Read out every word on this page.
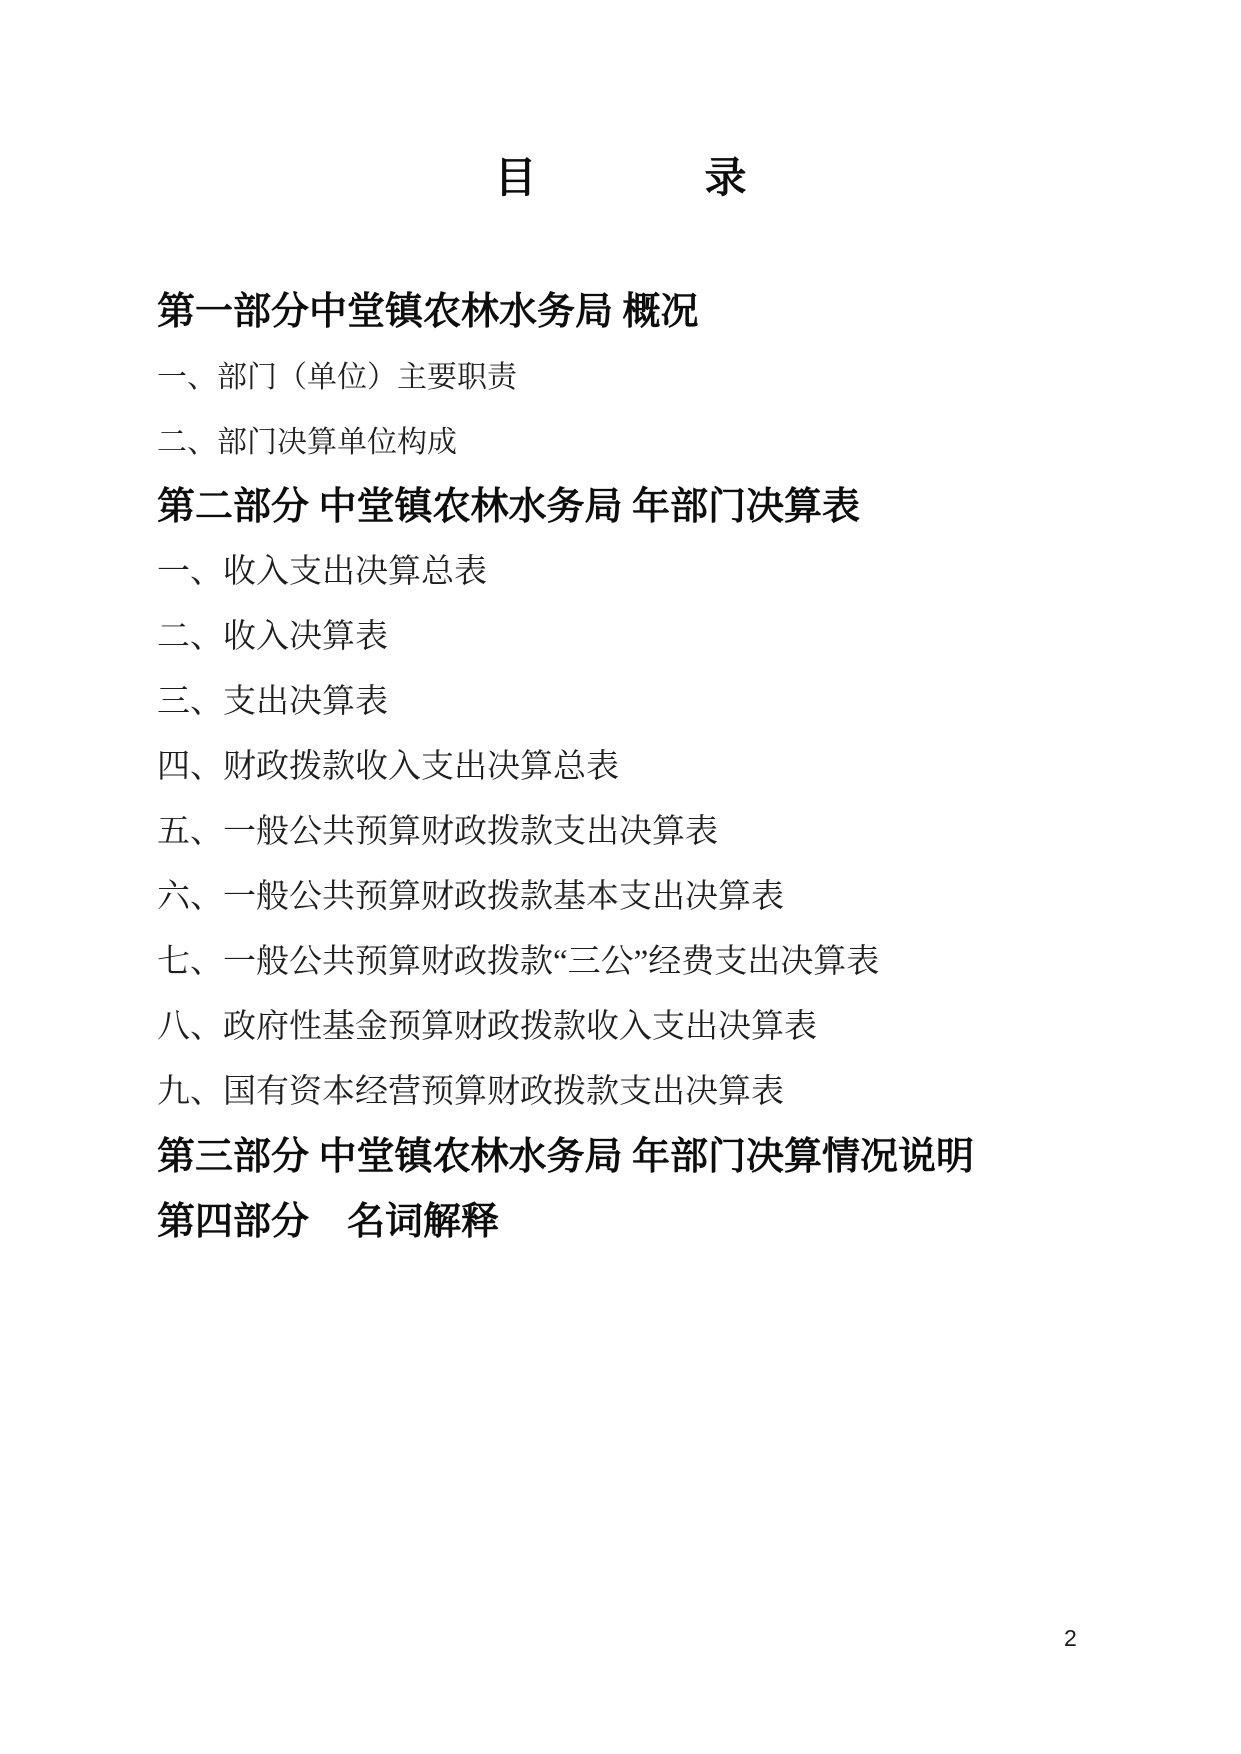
目　　　　录
第一部分中堂镇农林水务局 概况
一、部门（单位）主要职责
二、部门决算单位构成
第二部分 中堂镇农林水务局 年部门决算表
一、收入支出决算总表
二、收入决算表
三、支出决算表
四、财政拨款收入支出决算总表
五、一般公共预算财政拨款支出决算表
六、一般公共预算财政拨款基本支出决算表
七、一般公共预算财政拨款“三公”经费支出决算表
八、政府性基金预算财政拨款收入支出决算表
九、国有资本经营预算财政拨款支出决算表
第三部分 中堂镇农林水务局 年部门决算情况说明
第四部分　名词解释
2
